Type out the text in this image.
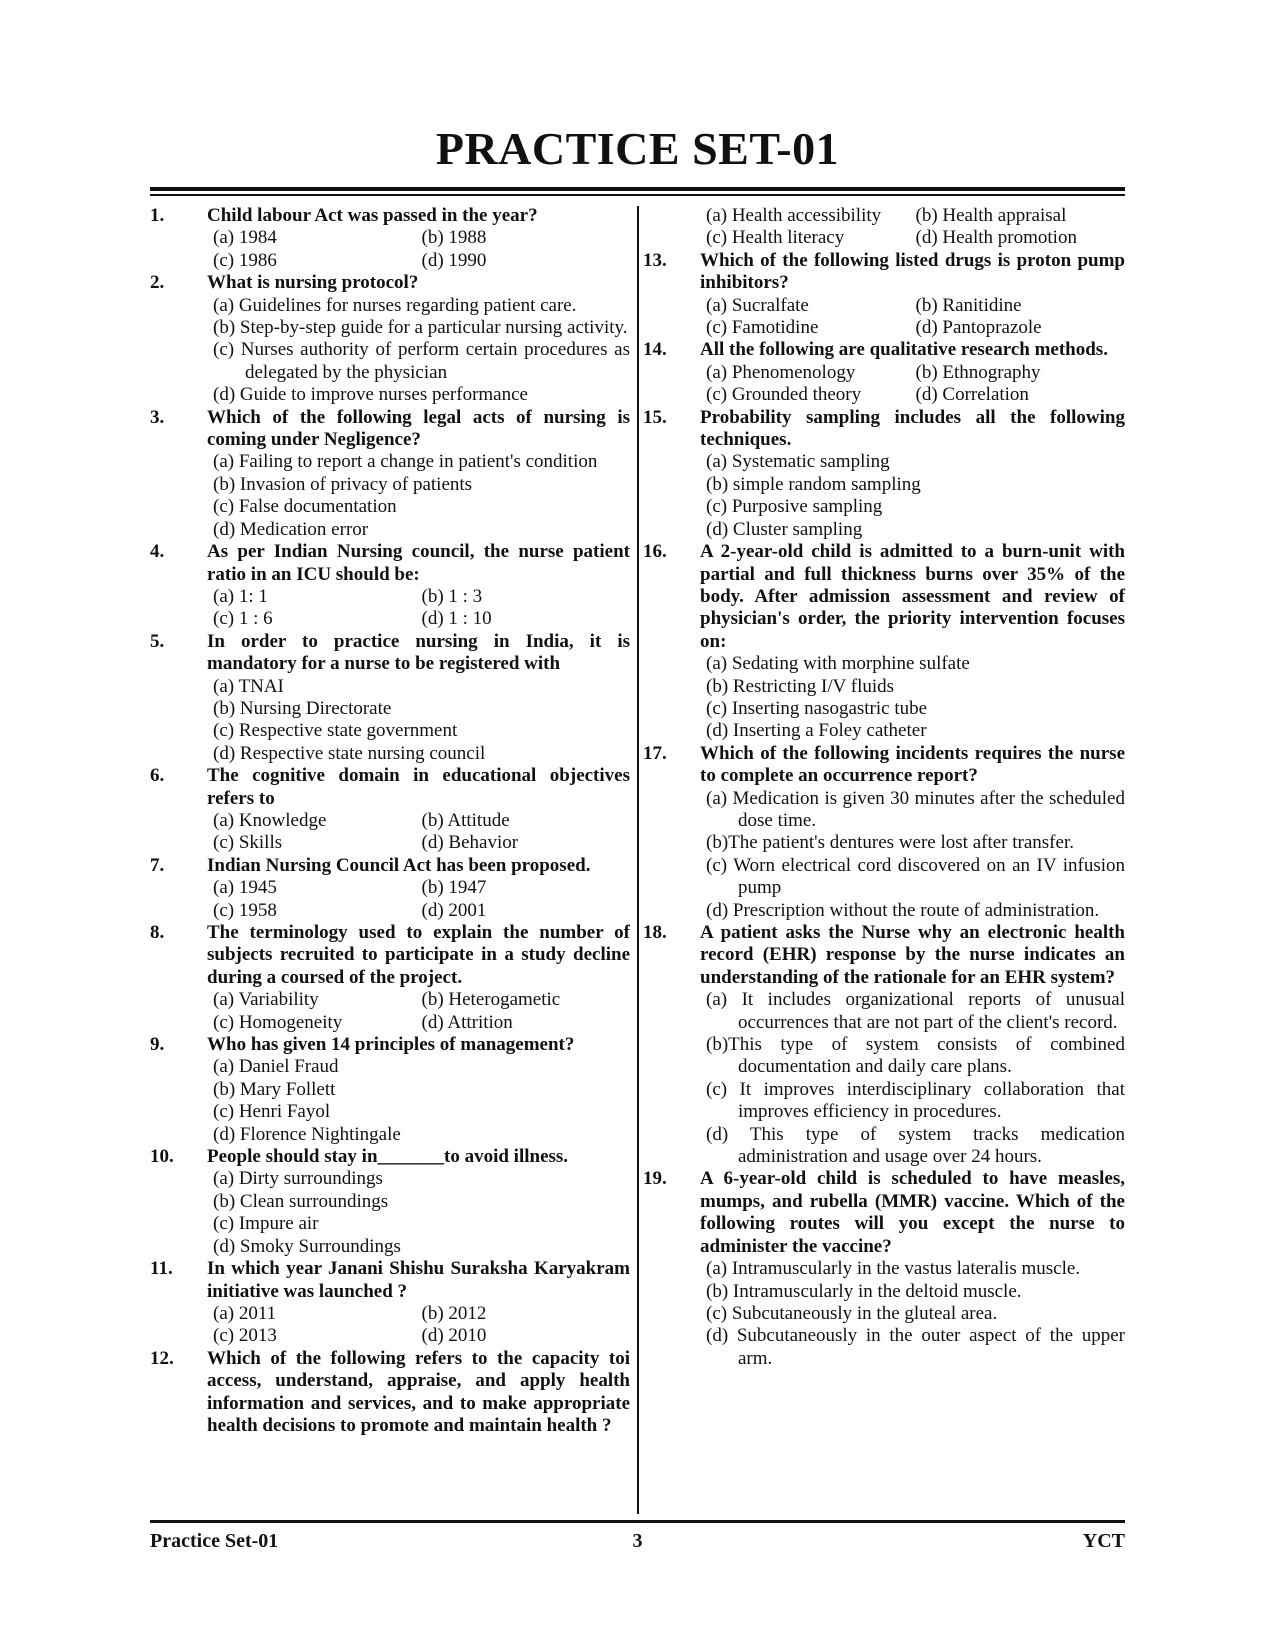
PRACTICE SET-01
1. Child labour Act was passed in the year?
(a) 1984	(b) 1988
(c) 1986	(d) 1990
2. What is nursing protocol?
(a) Guidelines for nurses regarding patient care.
(b) Step-by-step guide for a particular nursing activity.
(c) Nurses authority of perform certain procedures as delegated by the physician
(d) Guide to improve nurses performance
3. Which of the following legal acts of nursing is coming under Negligence?
(a) Failing to report a change in patient's condition
(b) Invasion of privacy of patients
(c) False documentation
(d) Medication error
4. As per Indian Nursing council, the nurse patient ratio in an ICU should be:
(a) 1: 1	(b) 1 : 3
(c) 1 : 6	(d) 1 : 10
5. In order to practice nursing in India, it is mandatory for a nurse to be registered with
(a) TNAI
(b) Nursing Directorate
(c) Respective state government
(d) Respective state nursing council
6. The cognitive domain in educational objectives refers to
(a) Knowledge	(b) Attitude
(c) Skills	(d) Behavior
7. Indian Nursing Council Act has been proposed.
(a) 1945	(b) 1947
(c) 1958	(d) 2001
8. The terminology used to explain the number of subjects recruited to participate in a study decline during a coursed of the project.
(a) Variability	(b) Heterogametic
(c) Homogeneity	(d) Attrition
9. Who has given 14 principles of management?
(a) Daniel Fraud
(b) Mary Follett
(c) Henri Fayol
(d) Florence Nightingale
10. People should stay in_______to avoid illness.
(a) Dirty surroundings
(b) Clean surroundings
(c) Impure air
(d) Smoky Surroundings
11. In which year Janani Shishu Suraksha Karyakram initiative was launched ?
(a) 2011	(b) 2012
(c) 2013	(d) 2010
12. Which of the following refers to the capacity toi access, understand, appraise, and apply health information and services, and to make appropriate health decisions to promote and maintain health ?
(a) Health accessibility	(b) Health appraisal
(c) Health literacy	(d) Health promotion
13. Which of the following listed drugs is proton pump inhibitors?
(a) Sucralfate	(b) Ranitidine
(c) Famotidine	(d) Pantoprazole
14. All the following are qualitative research methods.
(a) Phenomenology	(b) Ethnography
(c) Grounded theory	(d) Correlation
15. Probability sampling includes all the following techniques.
(a) Systematic sampling
(b) simple random sampling
(c) Purposive sampling
(d) Cluster sampling
16. A 2-year-old child is admitted to a burn-unit with partial and full thickness burns over 35% of the body. After admission assessment and review of physician's order, the priority intervention focuses on:
(a) Sedating with morphine sulfate
(b) Restricting I/V fluids
(c) Inserting nasogastric tube
(d) Inserting a Foley catheter
17. Which of the following incidents requires the nurse to complete an occurrence report?
(a) Medication is given 30 minutes after the scheduled dose time.
(b)The patient's dentures were lost after transfer.
(c) Worn electrical cord discovered on an IV infusion pump
(d) Prescription without the route of administration.
18. A patient asks the Nurse why an electronic health record (EHR) response by the nurse indicates an understanding of the rationale for an EHR system?
(a) It includes organizational reports of unusual occurrences that are not part of the client's record.
(b)This type of system consists of combined documentation and daily care plans.
(c) It improves interdisciplinary collaboration that improves efficiency in procedures.
(d) This type of system tracks medication administration and usage over 24 hours.
19. A 6-year-old child is scheduled to have measles, mumps, and rubella (MMR) vaccine. Which of the following routes will you except the nurse to administer the vaccine?
(a) Intramuscularly in the vastus lateralis muscle.
(b) Intramuscularly in the deltoid muscle.
(c) Subcutaneously in the gluteal area.
(d) Subcutaneously in the outer aspect of the upper arm.
Practice Set-01	3	YCT
